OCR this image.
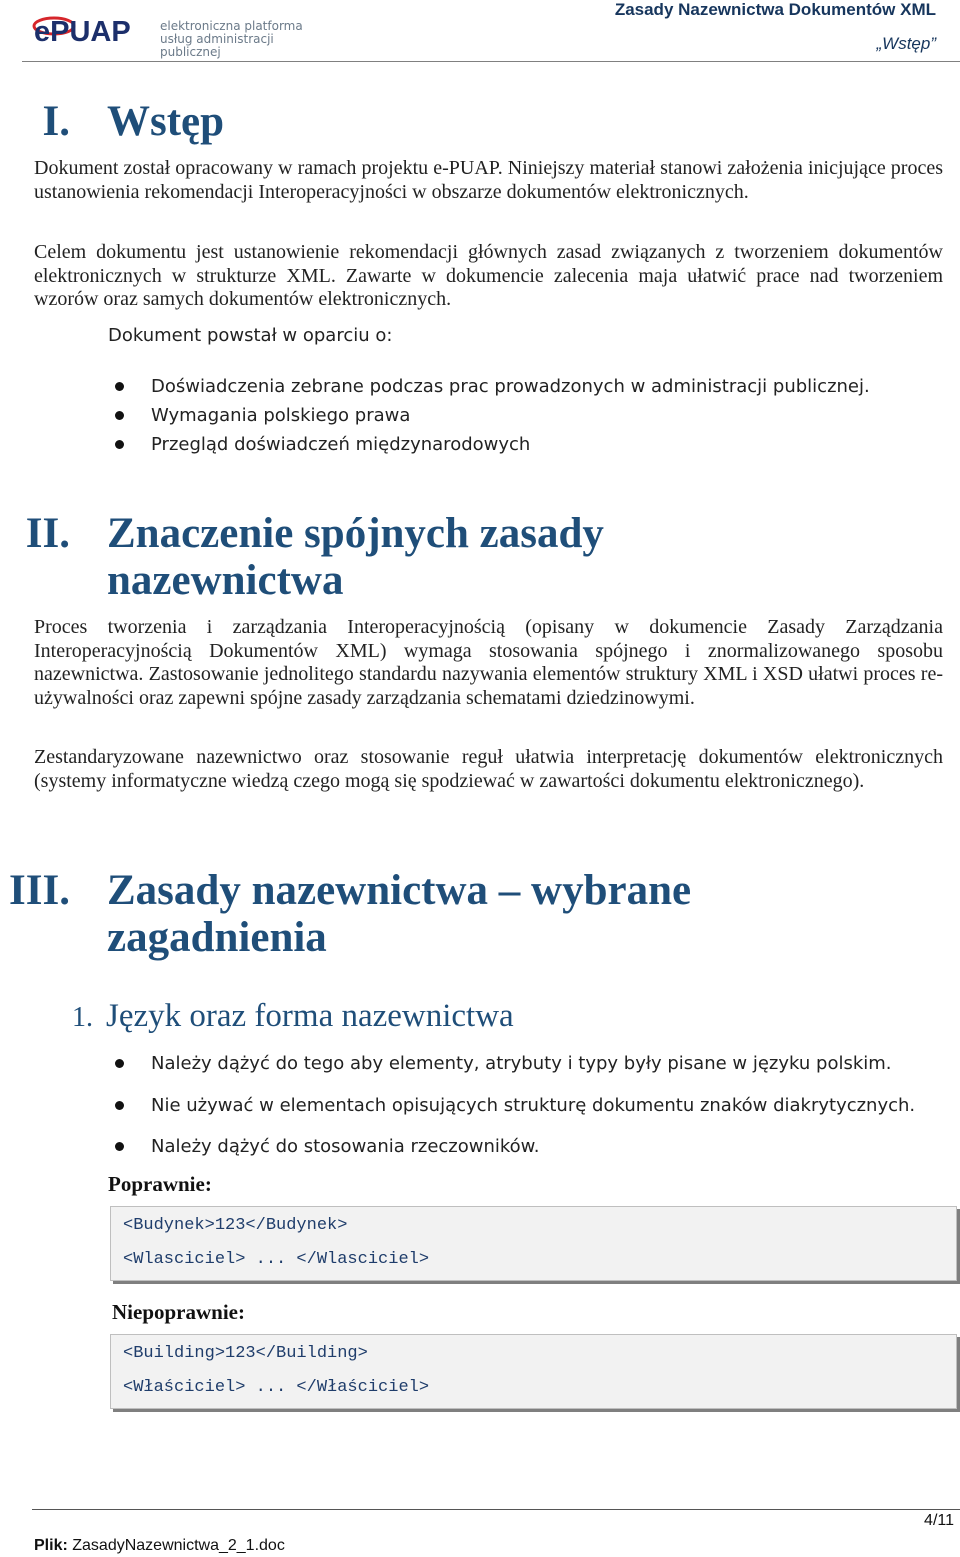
ePUAP elektroniczna platforma
usług administracji publicznej
Zasady Nazewnictwa Dokumentów XML
„Wstęp”
I. Wstęp
Dokument został opracowany w ramach projektu e-PUAP. Niniejszy materiał stanowi założenia inicjujące proces ustanowienia rekomendacji Interoperacyjności w obszarze dokumentów elektronicznych.
Celem dokumentu jest ustanowienie rekomendacji głównych zasad związanych z tworzeniem dokumentów elektronicznych w strukturze XML. Zawarte w dokumencie zalecenia maja ułatwić prace nad tworzeniem wzorów oraz samych dokumentów elektronicznych.
Dokument powstał w oparciu o:
Doświadczenia zebrane podczas prac prowadzonych w administracji publicznej.
Wymagania polskiego prawa
Przegląd doświadczeń międzynarodowych
II. Znaczenie spójnych zasady
nazewnictwa
Proces tworzenia i zarządzania Interoperacyjnością (opisany w dokumencie Zasady Zarządzania Interoperacyjnością Dokumentów XML) wymaga stosowania spójnego i znormalizowanego sposobu nazewnictwa. Zastosowanie jednolitego standardu nazywania elementów struktury XML i XSD ułatwi proces re-używalności oraz zapewni spójne zasady zarządzania schematami dziedzinowymi.
Zestandaryzowane nazewnictwo oraz stosowanie reguł ułatwia interpretację dokumentów elektronicznych (systemy informatyczne wiedzą czego mogą się spodziewać w zawartości dokumentu elektronicznego).
III. Zasady nazewnictwa – wybrane
zagadnienia
1. Język oraz forma nazewnictwa
Należy dążyć do tego aby elementy, atrybuty i typy były pisane w języku polskim.
Nie używać w elementach opisujących strukturę dokumentu znaków diakrytycznych.
Należy dążyć do stosowania rzeczowników.
Poprawnie:
<Budynek>123</Budynek>
<Wlasciciel> ... </Wlasciciel>
Niepoprawnie:
<Building>123</Building>
<Właściciel> ... </Właściciel>
4/11
Plik: ZasadyNazewnictwa_2_1.doc
